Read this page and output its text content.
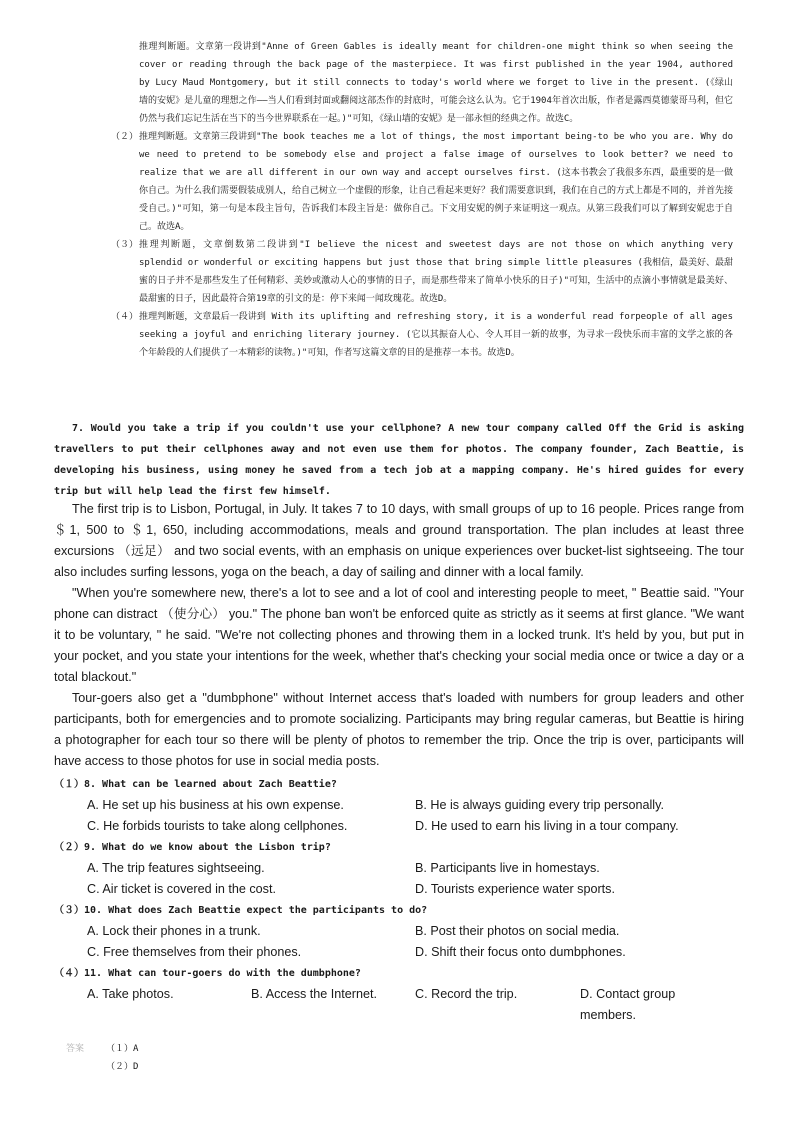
推理判断题。文章第一段讲到"Anne of Green Gables is ideally meant for children-one might think so when seeing the cover or reading through the back page of the masterpiece. It was first published in the year 1904, authored by Lucy Maud Montgomery, but it still connects to today's world where we forget to live in the present. (《绿山墙的安妮》是儿童的理想之作——当人们看到封面或翻阅这部杰作的封底时，可能会这么认为。它于1904年首次出版，作者是露西莫德蒙哥马利，但它仍然与我们忘记生活在当下的当今世界联系在一起。)"可知，《绿山墙的安妮》是一部永恒的经典之作。故选C。

（２） 推理判断题。文章第三段讲到"The book teaches me a lot of things, the most important being-to be who you are. Why do we need to pretend to be somebody else and project a false image of ourselves to look better? we need to realize that we are all different in our own way and accept ourselves first. (这本书教会了我很多东西，最重要的是一做你自己。为什么我们需要假装成别人，给自己树立一个虚假的形象，让自己看起来更好？我们需要意识到，我们在自己的方式上都是不同的，并首先接受自己。)"可知，第一句是本段主旨句，告诉我们本段主旨是：做你自己。下文用安妮的例子来证明这一观点。从第三段我们可以了解到安妮忠于自己。故选A。
（３） 推理判断题，文章倒数第二段讲到"I believe the nicest and sweetest days are not those on which anything very splendid or wonderful or exciting happens but just those that bring simple little pleasures (我相信，最美好、最甜蜜的日子并不是那些发生了任何精彩、美妙或激动人心的事情的日子，而是那些带来了简单小快乐的日子)"可知，生活中的点滴小事情就是最美好、最甜蜜的日子，因此最符合第19章的引文的是：停下来闻一闻玫瑰花。故选D。
（４） 推理判断题，文章最后一段讲到 With its uplifting and refreshing story, it is a wonderful read forpeople of all ages seeking a joyful and enriching literary journey. (它以其振奋人心、令人耳目一新的故事，为寻求一段快乐而丰富的文学之旅的各个年龄段的人们提供了一本精彩的读物。)"可知，作者写这篇文章的目的是推荐一本书。故选D。

7. Would you take a trip if you couldn't use your cellphone? A new tour company called Off the Grid is asking travellers to put their cellphones away and not even use them for photos. The company founder, Zach Beattie, is developing his business, using money he saved from a tech job at a mapping company. He's hired guides for every trip but will help lead the first few himself.

The first trip is to Lisbon, Portugal, in July. It takes 7 to 10 days, with small groups of up to 16 people. Prices range from ＄1, 500 to ＄1, 650, including accommodations, meals and ground transportation. The plan includes at least three excursions （远足） and two social events, with an emphasis on unique experiences over bucket-list sightseeing. The tour also includes surfing lessons, yoga on the beach, a day of sailing and dinner with a local family.

"When you're somewhere new, there's a lot to see and a lot of cool and interesting people to meet, " Beattie said. "Your phone can distract （使分心） you." The phone ban won't be enforced quite as strictly as it seems at first glance. "We want it to be voluntary, " he said. "We're not collecting phones and throwing them in a locked trunk. It's held by you, but put in your pocket, and you state your intentions for the week, whether that's checking your social media once or twice a day or a total blackout."

Tour-goers also get a "dumbphone" without Internet access that's loaded with numbers for group leaders and other participants, both for emergencies and to promote socializing. Participants may bring regular cameras, but Beattie is hiring a photographer for each tour so there will be plenty of photos to remember the trip. Once the trip is over, participants will have access to those photos for use in social media posts.

（１）8. What can be learned about Zach Beattie?
A. He set up his business at his own expense.	B. He is always guiding every trip personally.
C. He forbids tourists to take along cellphones.	D. He used to earn his living in a tour company.
（２）9. What do we know about the Lisbon trip?
A. The trip features sightseeing.	B. Participants live in homestays.
C. Air ticket is covered in the cost.	D. Tourists experience water sports.
（３）10. What does Zach Beattie expect the participants to do?
A. Lock their phones in a trunk.	B. Post their photos on social media.
C. Free themselves from their phones.	D. Shift their focus onto dumbphones.
（４）11. What can tour-goers do with the dumbphone?
A. Take photos.	B. Access the Internet.	C. Record the trip.	D. Contact group members.
答案 （１）A
（２）D
